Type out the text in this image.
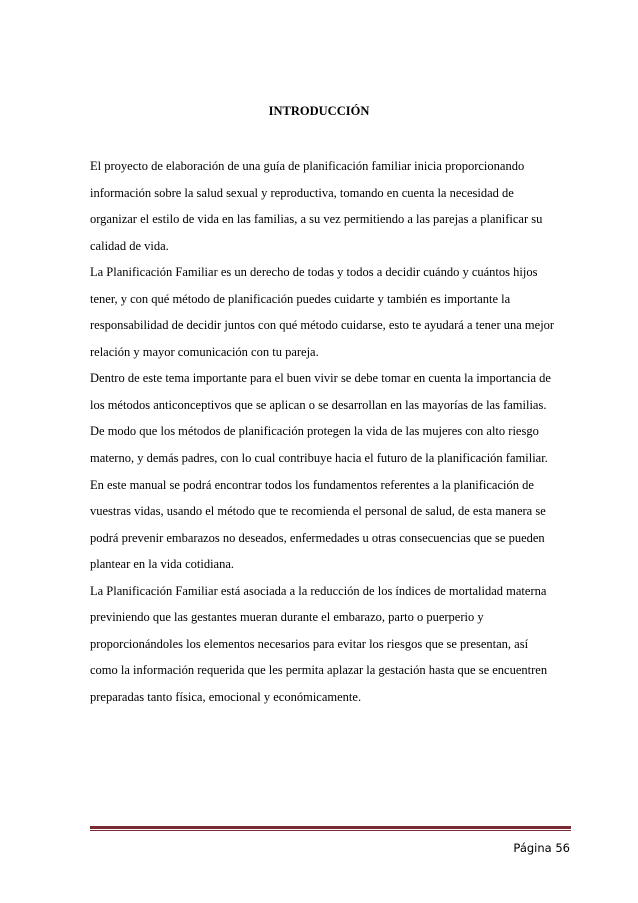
INTRODUCCIÓN
El proyecto de elaboración de una guía de planificación familiar inicia proporcionando
información sobre la salud sexual y reproductiva, tomando en cuenta la necesidad de
organizar el estilo de vida en las familias, a su vez permitiendo a las parejas a planificar su
calidad de vida.
La Planificación Familiar es un derecho de todas y todos a decidir cuándo y cuántos hijos
tener, y con qué método de planificación puedes cuidarte y también es importante la
responsabilidad de decidir juntos con qué método cuidarse, esto te ayudará a tener una mejor
relación y mayor comunicación con tu pareja.
Dentro de este tema importante para el buen vivir se debe tomar en cuenta la importancia de
los métodos anticonceptivos que se aplican o se desarrollan en las mayorías de las familias.
De modo que los métodos de planificación protegen la vida de las mujeres con alto riesgo
materno, y demás padres, con lo cual contribuye hacia el futuro de la planificación familiar.
En este manual se podrá encontrar todos los fundamentos referentes a la planificación de
vuestras vidas, usando el método que te recomienda el personal de salud, de esta manera se
podrá prevenir embarazos no deseados, enfermedades u otras consecuencias que se pueden
plantear en la vida cotidiana.
La Planificación Familiar está asociada a la reducción de los índices de mortalidad materna
previniendo que las gestantes mueran durante el embarazo, parto o puerperio y
proporcionándoles los elementos necesarios para evitar los riesgos que se presentan, así
como la información requerida que les permita aplazar la gestación hasta que se encuentren
preparadas tanto física, emocional y económicamente.
Página 56
